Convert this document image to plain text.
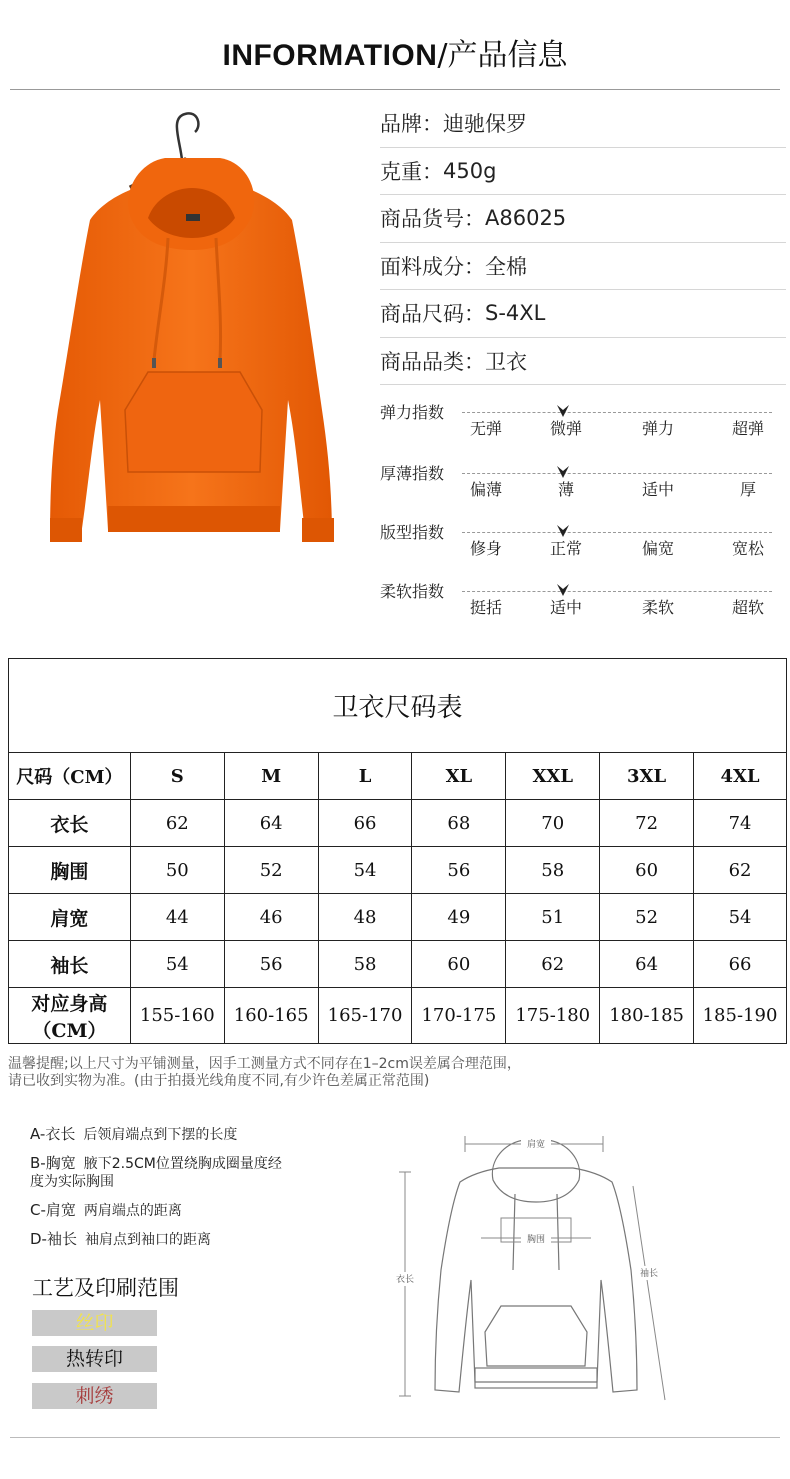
INFORMATION/产品信息
品牌： 迪驰保罗
克重： 450g
商品货号： A86025
面料成分： 全棉
商品尺码： S-4XL
商品品类： 卫衣
弹力指数
无弹	微弹	弹力	超弹
厚薄指数
偏薄	薄	适中	厚
版型指数
修身	正常	偏宽	宽松
柔软指数
挺括	适中	柔软	超软
卫衣尺码表							
尺码（CM）	S	M	L	XL	XXL	3XL	4XL
衣长	62	64	66	68	70	72	74
胸围	50	52	54	56	58	60	62
肩宽	44	46	48	49	51	52	54
袖长	54	56	58	60	62	64	66
对应身高
（CM）	155-160	160-165	165-170	170-175	175-180	180-185	185-190
温馨提醒;以上尺寸为平铺测量，因手工测量方式不同存在1–2cm误差属合理范围，
请已收到实物为准。(由于拍摄光线角度不同,有少许色差属正常范围)
A-衣长 后领肩端点到下摆的长度
B-胸宽 腋下2.5CM位置绕胸成圈量度经度为实际胸围
C-肩宽 两肩端点的距离
D-袖长 袖肩点到袖口的距离
工艺及印刷范围
丝印
热转印
刺绣
肩宽
胸围
衣长
袖长
